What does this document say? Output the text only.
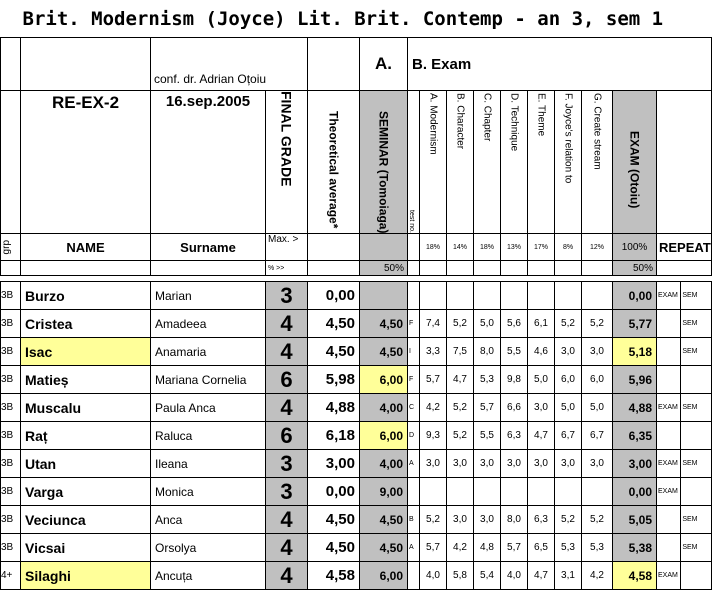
Brit. Modernism (Joyce) Lit. Brit. Contemp - an 3, sem 1																
		conf. dr. Adrian Oțoiu			A.	B. Exam										
	RE-EX-2	16.sep.2005	FINAL GRADE	Theoretical average*	SEMINAR (Tomoiaga)	test no.	A. Modernism	B. Character	C. Chapter	D. Technique	E. Theme	F. Joyce's relation to	G. Create stream	EXAM (Otoiu)		

grp	NAME	Surname	Max. >				18%	14%	18%	13%	17%	8%	12%	100%	REPEAT	
			% >>		50%									50%		

3B	Burzo	Marian	3	0,00										0,00	EXAM	SEM
3B	Cristea	Amadeea	4	4,50	4,50	F	7,4	5,2	5,0	5,6	6,1	5,2	5,2	5,77		SEM
3B	Isac	Anamaria	4	4,50	4,50	I	3,3	7,5	8,0	5,5	4,6	3,0	3,0	5,18		SEM
3B	Matieș	Mariana Cornelia	6	5,98	6,00	F	5,7	4,7	5,3	9,8	5,0	6,0	6,0	5,96		
3B	Muscalu	Paula Anca	4	4,88	4,00	C	4,2	5,2	5,7	6,6	3,0	5,0	5,0	4,88	EXAM	SEM
3B	Raț	Raluca	6	6,18	6,00	D	9,3	5,2	5,5	6,3	4,7	6,7	6,7	6,35		
3B	Utan	Ileana	3	3,00	4,00	A	3,0	3,0	3,0	3,0	3,0	3,0	3,0	3,00	EXAM	SEM
3B	Varga	Monica	3	0,00	9,00									0,00	EXAM	
3B	Veciunca	Anca	4	4,50	4,50	B	5,2	3,0	3,0	8,0	6,3	5,2	5,2	5,05		SEM
3B	Vicsai	Orsolya	4	4,50	4,50	A	5,7	4,2	4,8	5,7	6,5	5,3	5,3	5,38		SEM
4+	Silaghi	Ancuța	4	4,58	6,00		4,0	5,8	5,4	4,0	4,7	3,1	4,2	4,58	EXAM	
